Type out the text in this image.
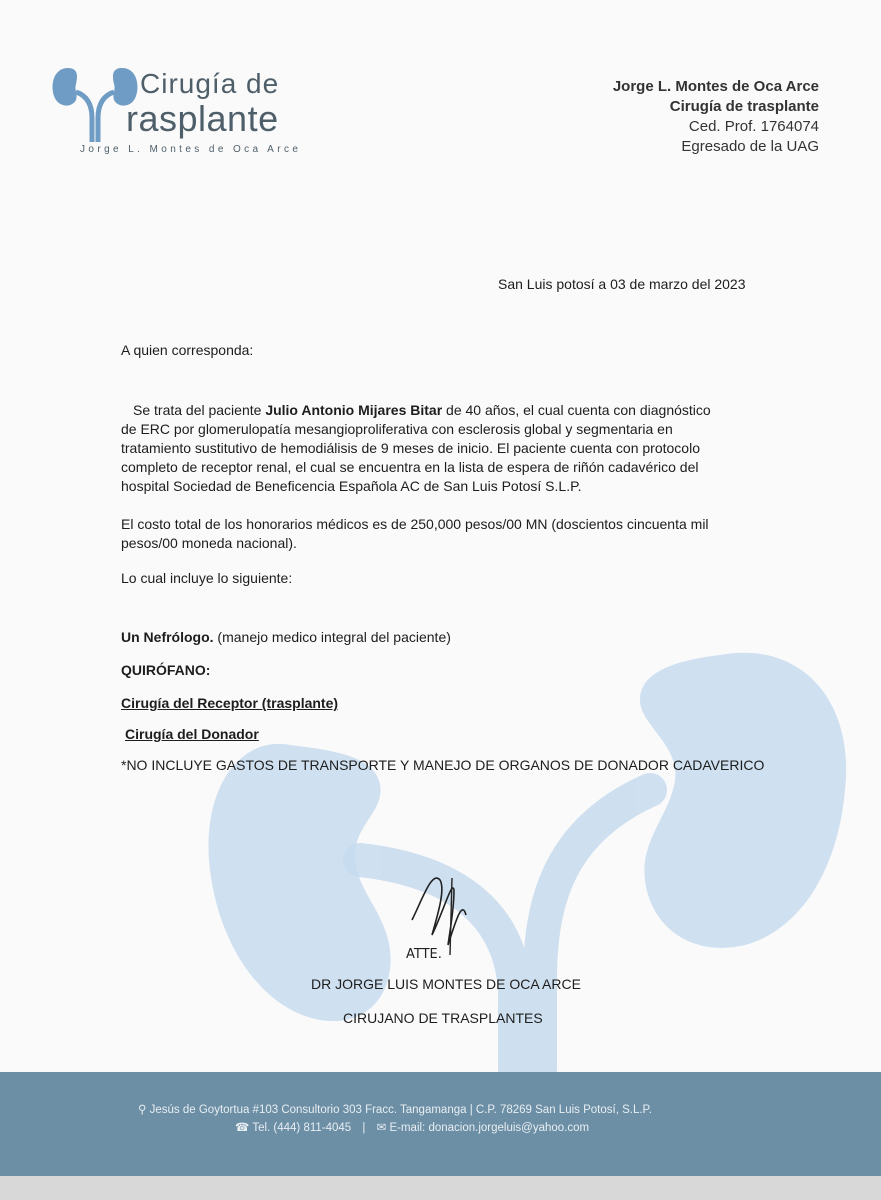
Cirugía de
rasplante
Jorge L. Montes de Oca Arce
Jorge L. Montes de Oca Arce
Cirugía de trasplante
Ced. Prof. 1764074
Egresado de la UAG
San Luis potosí a 03 de marzo del 2023
A quien corresponda:
Se trata del paciente Julio Antonio Mijares Bitar de 40 años, el cual cuenta con diagnóstico de ERC por glomerulopatía mesangioproliferativa con esclerosis global y segmentaria en tratamiento sustitutivo de hemodiálisis de 9 meses de inicio. El paciente cuenta con protocolo completo de receptor renal, el cual se encuentra en la lista de espera de riñón cadavérico del hospital Sociedad de Beneficencia Española AC de San Luis Potosí S.L.P.
El costo total de los honorarios médicos es de 250,000 pesos/00 MN (doscientos cincuenta mil pesos/00 moneda nacional).
Lo cual incluye lo siguiente:
Un Nefrólogo. (manejo medico integral del paciente)
QUIRÓFANO:
Cirugía del Receptor (trasplante)
Cirugía del Donador
*NO INCLUYE GASTOS DE TRANSPORTE Y MANEJO DE ORGANOS DE DONADOR CADAVERICO
ATTE.
DR JORGE LUIS MONTES DE OCA ARCE
CIRUJANO DE TRASPLANTES
⚲ Jesús de Goytortua #103 Consultorio 303 Fracc. Tangamanga | C.P. 78269 San Luis Potosí, S.L.P.
☎ Tel. (444) 811-4045 | ✉ E-mail: donacion.jorgeluis@yahoo.com
